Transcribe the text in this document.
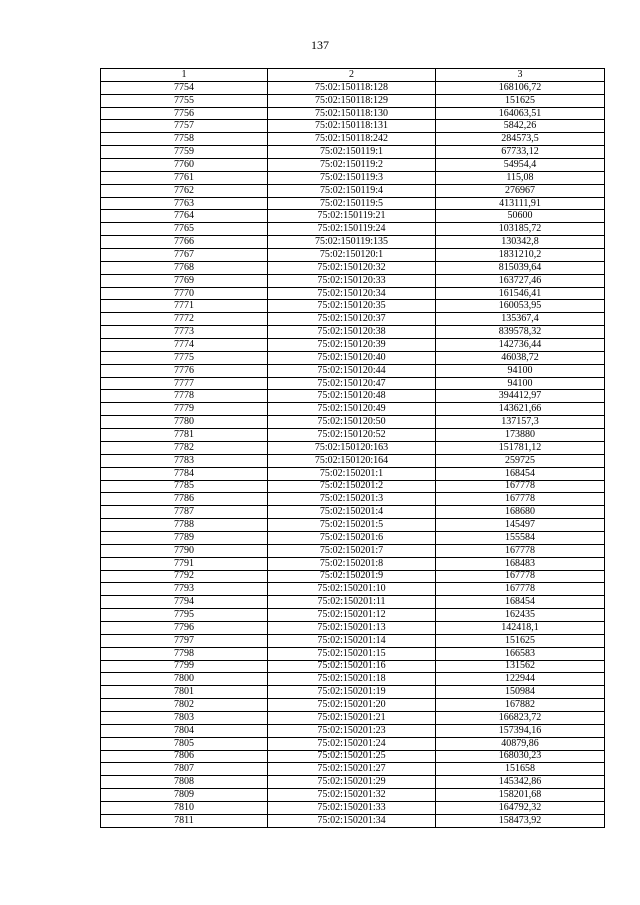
137
1	2	3
7754	75:02:150118:128	168106,72
7755	75:02:150118:129	151625
7756	75:02:150118:130	164063,51
7757	75:02:150118:131	5842,26
7758	75:02:150118:242	284573,5
7759	75:02:150119:1	67733,12
7760	75:02:150119:2	54954,4
7761	75:02:150119:3	115,08
7762	75:02:150119:4	276967
7763	75:02:150119:5	413111,91
7764	75:02:150119:21	50600
7765	75:02:150119:24	103185,72
7766	75:02:150119:135	130342,8
7767	75:02:150120:1	1831210,2
7768	75:02:150120:32	815039,64
7769	75:02:150120:33	163727,46
7770	75:02:150120:34	161546,41
7771	75:02:150120:35	160053,95
7772	75:02:150120:37	135367,4
7773	75:02:150120:38	839578,32
7774	75:02:150120:39	142736,44
7775	75:02:150120:40	46038,72
7776	75:02:150120:44	94100
7777	75:02:150120:47	94100
7778	75:02:150120:48	394412,97
7779	75:02:150120:49	143621,66
7780	75:02:150120:50	137157,3
7781	75:02:150120:52	173880
7782	75:02:150120:163	151781,12
7783	75:02:150120:164	259725
7784	75:02:150201:1	168454
7785	75:02:150201:2	167778
7786	75:02:150201:3	167778
7787	75:02:150201:4	168680
7788	75:02:150201:5	145497
7789	75:02:150201:6	155584
7790	75:02:150201:7	167778
7791	75:02:150201:8	168483
7792	75:02:150201:9	167778
7793	75:02:150201:10	167778
7794	75:02:150201:11	168454
7795	75:02:150201:12	162435
7796	75:02:150201:13	142418,1
7797	75:02:150201:14	151625
7798	75:02:150201:15	166583
7799	75:02:150201:16	131562
7800	75:02:150201:18	122944
7801	75:02:150201:19	150984
7802	75:02:150201:20	167882
7803	75:02:150201:21	166823,72
7804	75:02:150201:23	157394,16
7805	75:02:150201:24	40879,86
7806	75:02:150201:25	168030,23
7807	75:02:150201:27	151658
7808	75:02:150201:29	145342,86
7809	75:02:150201:32	158201,68
7810	75:02:150201:33	164792,32
7811	75:02:150201:34	158473,92
